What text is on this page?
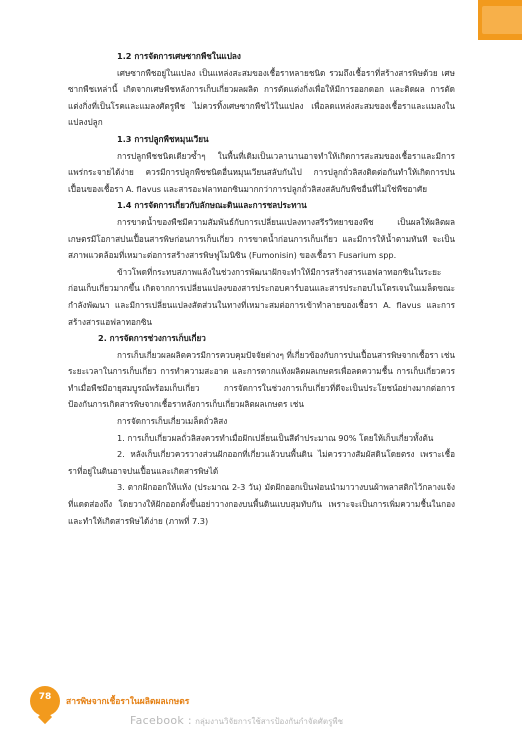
1.2 การจัดการเศษซากพืชในแปลง

เศษซากพืชอยู่ในแปลง เป็นแหล่งสะสมของเชื้อราหลายชนิด รวมถึงเชื้อราที่สร้างสารพิษด้วย เศษซากพืชเหล่านี้ เกิดจากเศษพืชหลังการเก็บเกี่ยวผลผลิต การตัดแต่งกิ่งเพื่อให้มีการออกดอก และติดผล การตัดแต่งกิ่งที่เป็นโรคและแมลงศัตรูพืช ไม่ควรทิ้งเศษซากพืชไว้ในแปลง เพื่อลดแหล่งสะสมของเชื้อราและแมลงในแปลงปลูก

1.3 การปลูกพืชหมุนเวียน

การปลูกพืชชนิดเดียวซ้ำๆ ในพื้นที่เดิมเป็นเวลานานอาจทำให้เกิดการสะสมของเชื้อราและมีการแพร่กระจายได้ง่าย ควรมีการปลูกพืชชนิดอื่นหมุนเวียนสลับกันไป การปลูกถั่วลิสงติดต่อกันทำให้เกิดการปนเปื้อนของเชื้อรา A. flavus และสารอะฟลาทอกซินมากกว่าการปลูกถั่วลิสงสลับกับพืชอื่นที่ไม่ใช่พืชอาศัย

1.4 การจัดการเกี่ยวกับลักษณะดินและการชลประทาน

การขาดน้ำของพืชมีความสัมพันธ์กับการเปลี่ยนแปลงทางสรีรวิทยาของพืช เป็นผลให้ผลิตผลเกษตรมีโอกาสปนเปื้อนสารพิษก่อนการเก็บเกี่ยว การขาดน้ำก่อนการเก็บเกี่ยว และมีการให้น้ำตามทันที จะเป็นสภาพแวดล้อมที่เหมาะต่อการสร้างสารพิษฟูโมนิซิน (Fumonisin) ของเชื้อรา Fusarium spp.

ข้าวโพดที่กระทบสภาพแล้งในช่วงการพัฒนาฝักจะทำให้มีการสร้างสารแอฟลาทอกซินในระยะก่อนเก็บเกี่ยวมากขึ้น เกิดจากการเปลี่ยนแปลงของสารประกอบคาร์บอนและสารประกอบไนโตรเจนในเมล็ดขณะกำลังพัฒนา และมีการเปลี่ยนแปลงสัดส่วนในทางที่เหมาะสมต่อการเข้าทำลายของเชื้อรา A. flavus และการสร้างสารแอฟลาทอกซิน

2. การจัดการช่วงการเก็บเกี่ยว

การเก็บเกี่ยวผลผลิตควรมีการควบคุมปัจจัยต่างๆ ที่เกี่ยวข้องกับการปนเปื้อนสารพิษจากเชื้อรา เช่น ระยะเวลาในการเก็บเกี่ยว การทำความสะอาด และการตากแห้งผลิตผลเกษตรเพื่อลดความชื้น การเก็บเกี่ยวควรทำเมื่อพืชมีอายุสมบูรณ์พร้อมเก็บเกี่ยว การจัดการในช่วงการเก็บเกี่ยวที่ดีจะเป็นประโยชน์อย่างมากต่อการป้องกันการเกิดสารพิษจากเชื้อราหลังการเก็บเกี่ยวผลิตผลเกษตร เช่น

การจัดการเก็บเกี่ยวเมล็ดถั่วลิสง

1. การเก็บเกี่ยวผลถั่วลิสงควรทำเมื่อฝักเปลี่ยนเป็นสีดำประมาณ 90% โดยให้เก็บเกี่ยวทั้งต้น

2. หลังเก็บเกี่ยวควรวางส่วนฝักออกที่เกี่ยวแล้วบนพื้นดิน ไม่ควรวางสัมผัสดินโดยตรง เพราะเชื้อราที่อยู่ในดินอาจปนเปื้อนและเกิดสารพิษได้

3. ตากฝักออกให้แห้ง (ประมาณ 2-3 วัน) มัดฝักออกเป็นฟ่อนนำมาวางบนผ้าพลาสติกไว้กลางแจ้งที่แดดส่องถึง โดยวางให้ฝักออกตั้งขึ้นอย่าวางกองบนพื้นดินแบบสุมทับกัน เพราะจะเป็นการเพิ่มความชื้นในกองและทำให้เกิดสารพิษได้ง่าย (ภาพที่ 7.3)

78	สารพิษจากเชื้อราในผลิตผลเกษตร
Facebook : กลุ่มงานวิจัยการใช้สารป้องกันกำจัดศัตรูพืช
